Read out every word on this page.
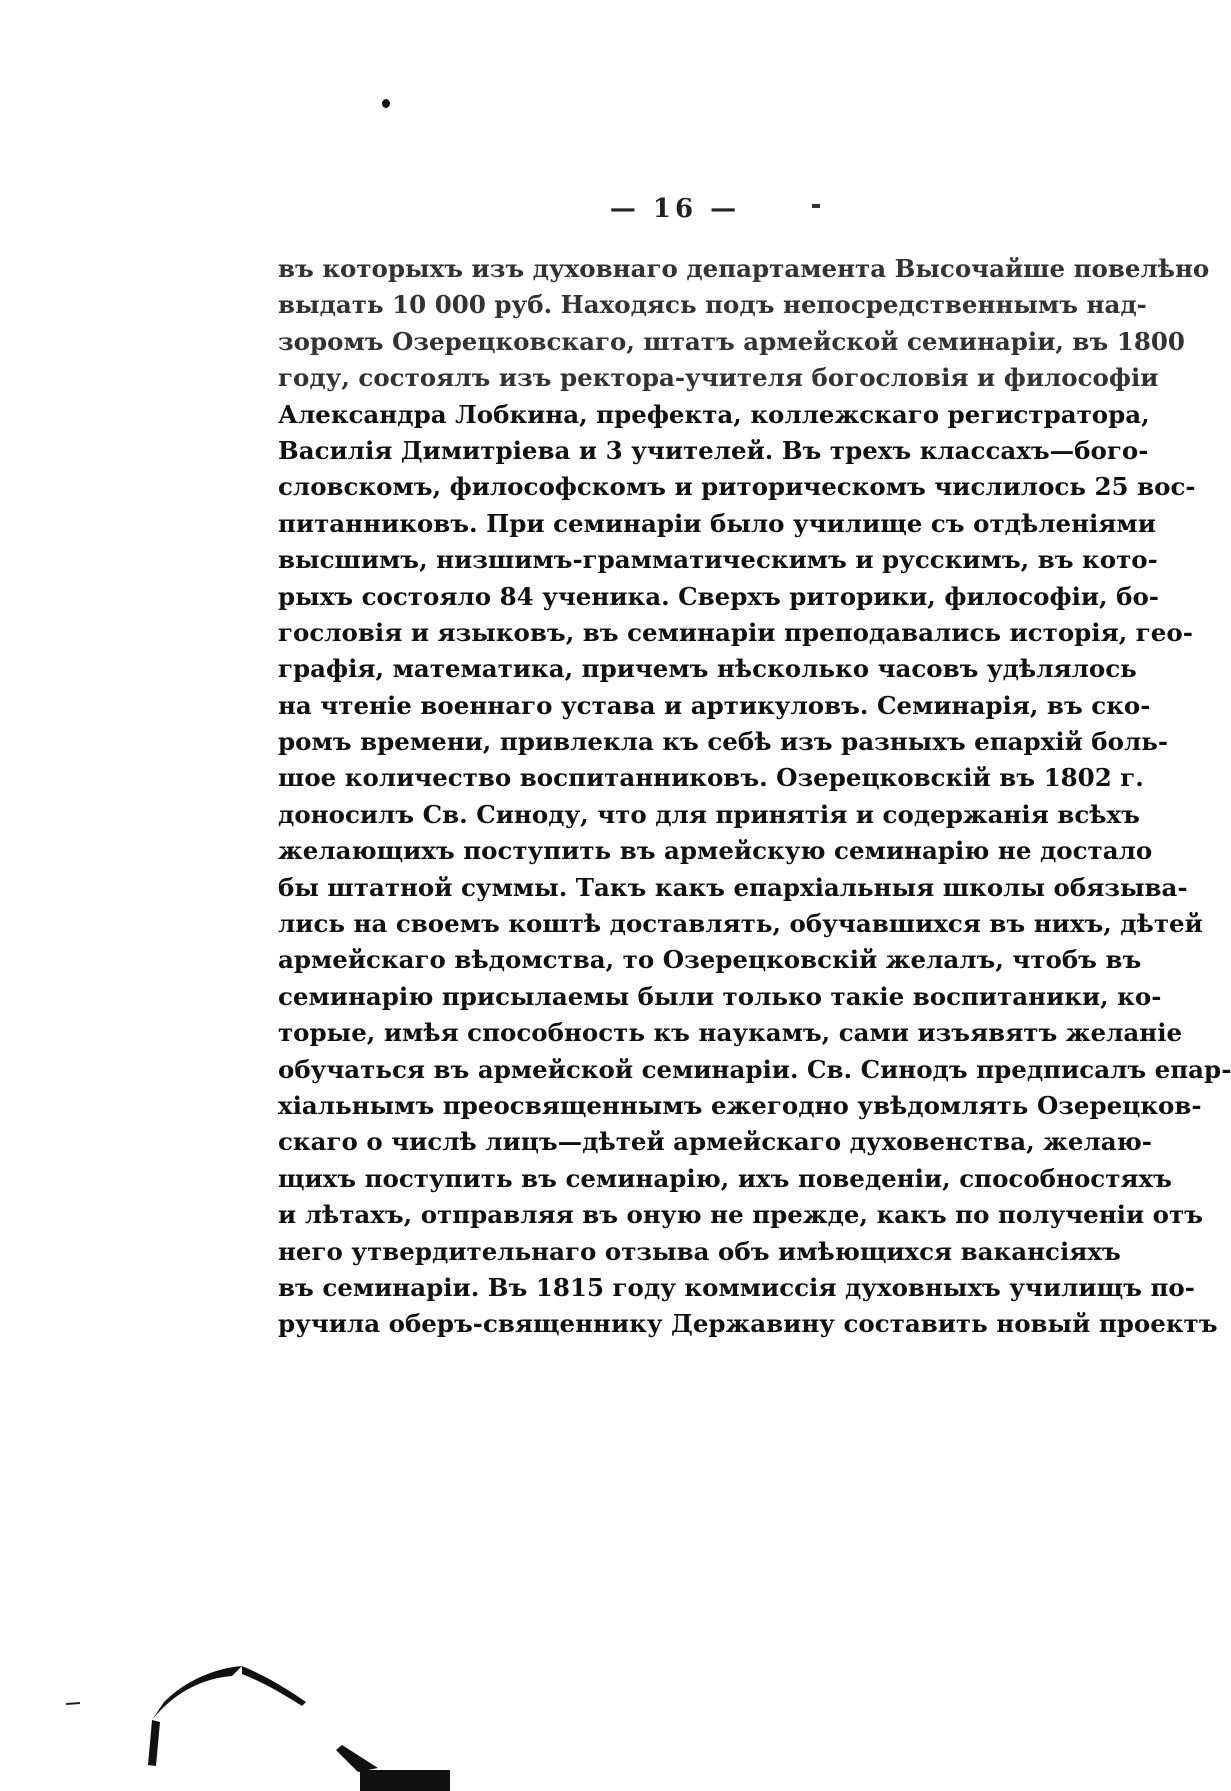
— 16 —
въ которыхъ изъ духовнаго департамента Высочайше повелѣно
выдать 10 000 руб. Находясь подъ непосредственнымъ над-
зоромъ Озерецковскаго, штатъ армейской семинаріи, въ 1800
году, состоялъ изъ ректора-учителя богословія и философіи
Александра Лобкина, префекта, коллежскаго регистратора,
Василія Димитріева и 3 учителей. Въ трехъ классахъ—бого-
словскомъ, философскомъ и риторическомъ числилось 25 вос-
питанниковъ. При семинаріи было училище съ отдѣленіями
высшимъ, низшимъ-грамматическимъ и русскимъ, въ кото-
рыхъ состояло 84 ученика. Сверхъ риторики, философіи, бо-
гословія и языковъ, въ семинаріи преподавались исторія, гео-
графія, математика, причемъ нѣсколько часовъ удѣлялось
на чтеніе военнаго устава и артикуловъ. Семинарія, въ ско-
ромъ времени, привлекла къ себѣ изъ разныхъ епархій боль-
шое количество воспитанниковъ. Озерецковскій въ 1802 г.
доносилъ Св. Синоду, что для принятія и содержанія всѣхъ
желающихъ поступить въ армейскую семинарію не достало
бы штатной суммы. Такъ какъ епархіальныя школы обязыва-
лись на своемъ коштѣ доставлять, обучавшихся въ нихъ, дѣтей
армейскаго вѣдомства, то Озерецковскій желалъ, чтобъ въ
семинарію присылаемы были только такіе воспитаники, ко-
торые, имѣя способность къ наукамъ, сами изъявятъ желаніе
обучаться въ армейской семинаріи. Св. Синодъ предписалъ епар-
хіальнымъ преосвященнымъ ежегодно увѣдомлять Озерецков-
скаго о числѣ лицъ—дѣтей армейскаго духовенства, желаю-
щихъ поступить въ семинарію, ихъ поведеніи, способностяхъ
и лѣтахъ, отправляя въ оную не прежде, какъ по полученіи отъ
него утвердительнаго отзыва объ имѣющихся вакансіяхъ
въ семинаріи. Въ 1815 году коммиссія духовныхъ училищъ по-
ручила оберъ-священнику Державину составить новый проектъ
